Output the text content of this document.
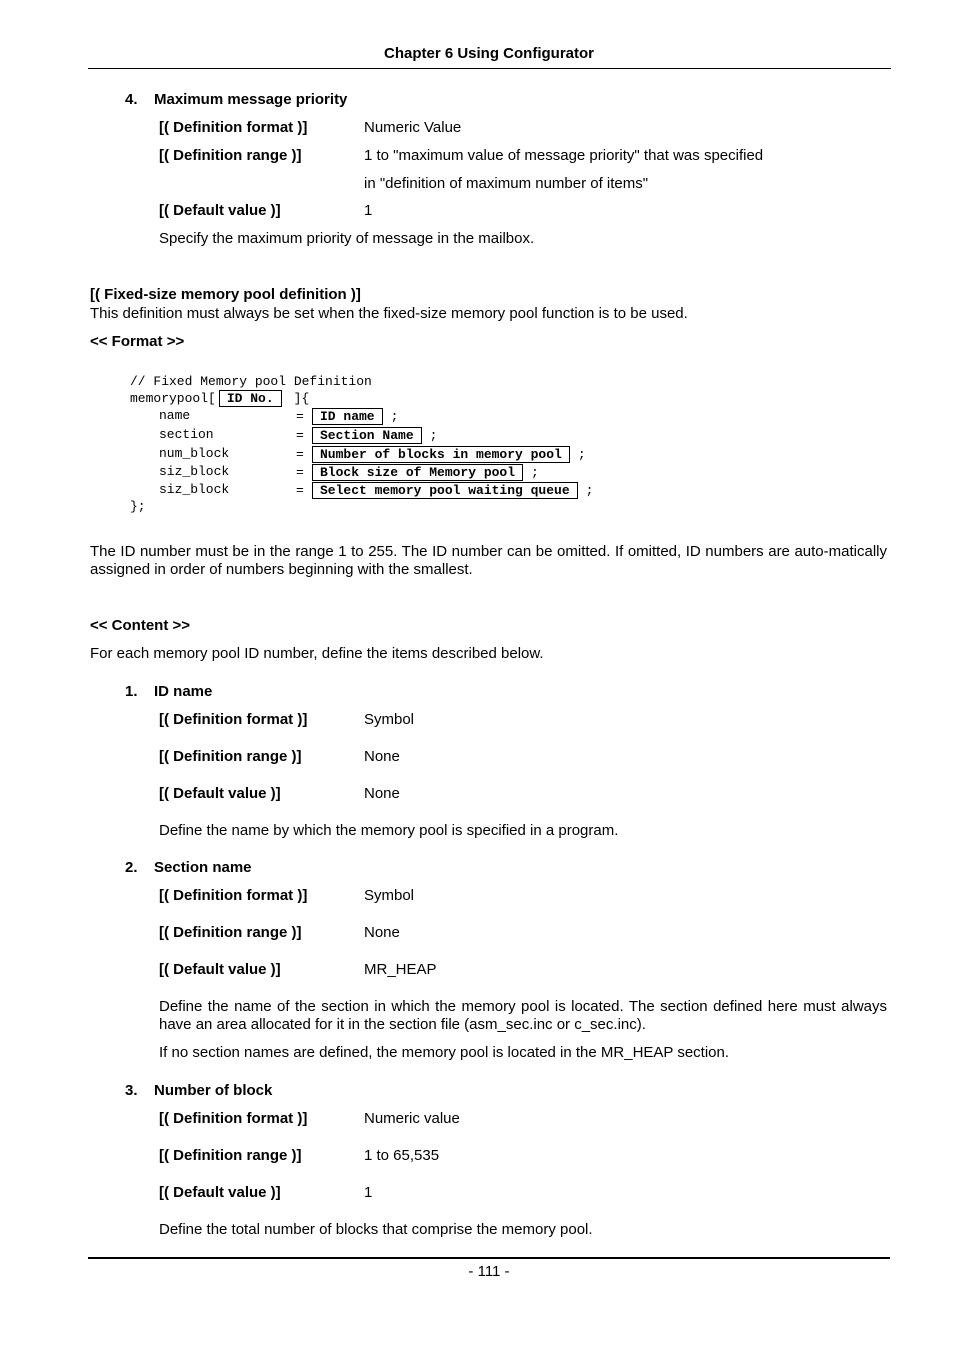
Chapter 6 Using Configurator
4. Maximum message priority
[( Definition format )]	Numeric Value
[( Definition range )]	1 to "maximum value of message priority" that was specified
in "definition of maximum number of items"
[( Default value )]	1
Specify the maximum priority of message in the mailbox.
[( Fixed-size memory pool definition )]
This definition must always be set when the fixed-size memory pool function is to be used.
<< Format >>
// Fixed Memory pool Definition
memorypool[ ID No. ]{
name	=	ID name ;
section	=	Section Name ;
num_block	=	Number of blocks in memory pool ;
siz_block	=	Block size of Memory pool ;
siz_block	=	Select memory pool waiting queue ;
};
The ID number must be in the range 1 to 255. The ID number can be omitted. If omitted, ID numbers are auto-matically assigned in order of numbers beginning with the smallest.
<< Content >>
For each memory pool ID number, define the items described below.
1. ID name
[( Definition format )]	Symbol
[( Definition range )]	None
[( Default value )]	None
Define the name by which the memory pool is specified in a program.
2. Section name
[( Definition format )]	Symbol
[( Definition range )]	None
[( Default value )]	MR_HEAP
Define the name of the section in which the memory pool is located. The section defined here must always have an area allocated for it in the section file (asm_sec.inc or c_sec.inc).
If no section names are defined, the memory pool is located in the MR_HEAP section.
3. Number of block
[( Definition format )]	Numeric value
[( Definition range )]	1 to 65,535
[( Default value )]	1
Define the total number of blocks that comprise the memory pool.
- 111 -
